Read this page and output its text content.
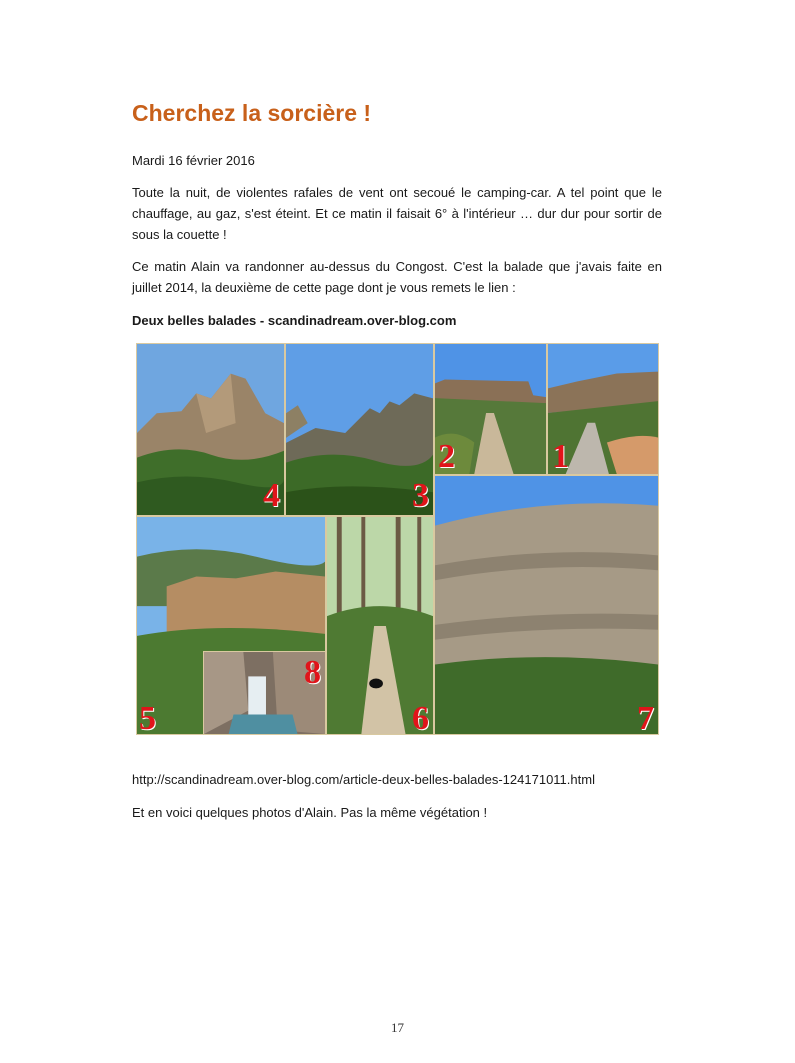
Cherchez la sorcière !

Mardi 16 février 2016

Toute la nuit, de violentes rafales de vent ont secoué le camping-car. A tel point que le chauffage, au gaz, s'est éteint. Et ce matin il faisait 6° à l'intérieur … dur dur pour sortir de sous la couette !

Ce matin Alain va randonner au-dessus du Congost. C'est la balade que j'avais faite en juillet 2014, la deuxième de cette page dont je vous remets le lien :

Deux belles balades - scandinadream.over-blog.com

4	3
2	1
5
8
6	7

http://scandinadream.over-blog.com/article-deux-belles-balades-124171011.html

Et en voici quelques photos d'Alain. Pas la même végétation !

17
